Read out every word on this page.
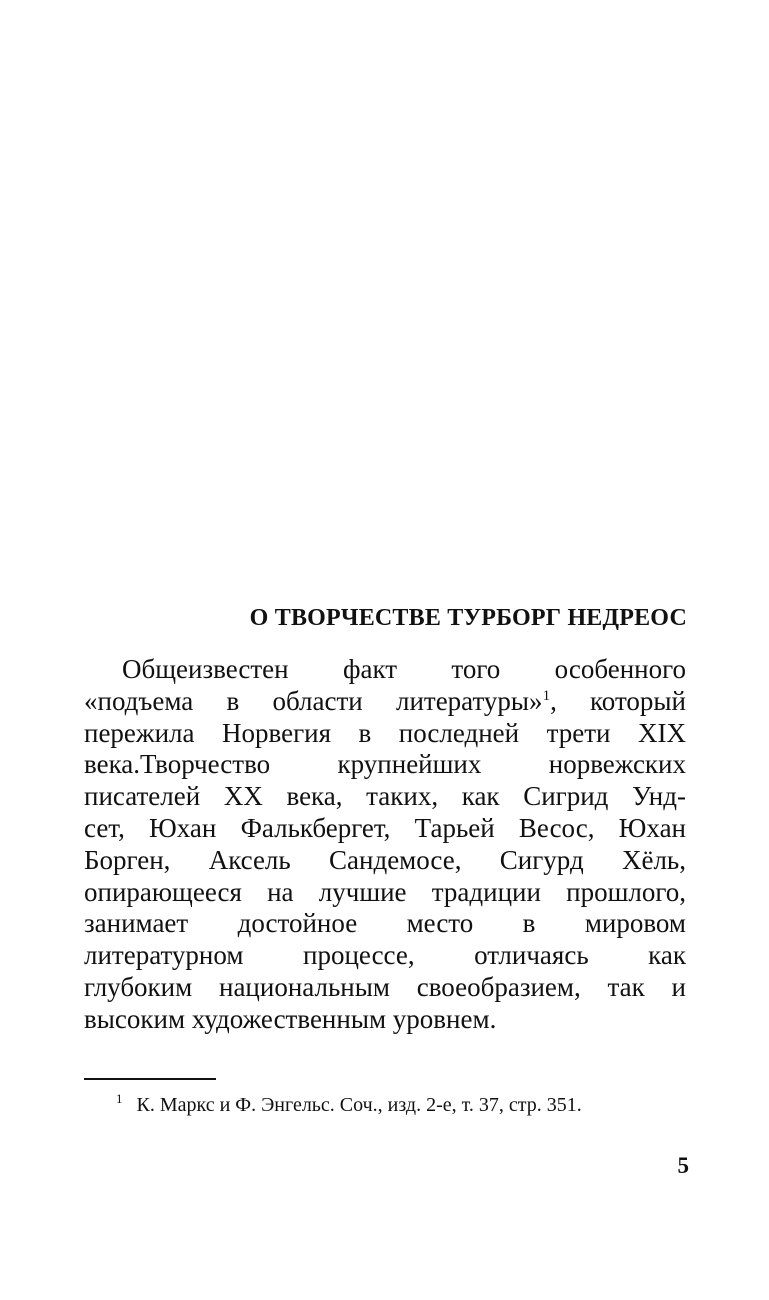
О ТВОРЧЕСТВЕ ТУРБОРГ НЕДРЕОС
Общеизвестен факт того особенного
«подъема в области литературы»$^1$, который
пережила Норвегия в последней трети XIX
века.Творчество крупнейших норвежских
писателей XX века, таких, как Сигрид Унд-
сет, Юхан Фалькбергет, Тарьей Весос, Юхан
Борген, Аксель Сандемосе, Сигурд Хёль,
опирающееся на лучшие традиции прошлого,
занимает достойное место в мировом
литературном процессе, отличаясь как
глубоким национальным своеобразием, так и
высоким художественным уровнем.

$^1$ К. Маркс и Ф. Энгельс. Соч., изд. 2-е, т. 37, стр. 351.

5
